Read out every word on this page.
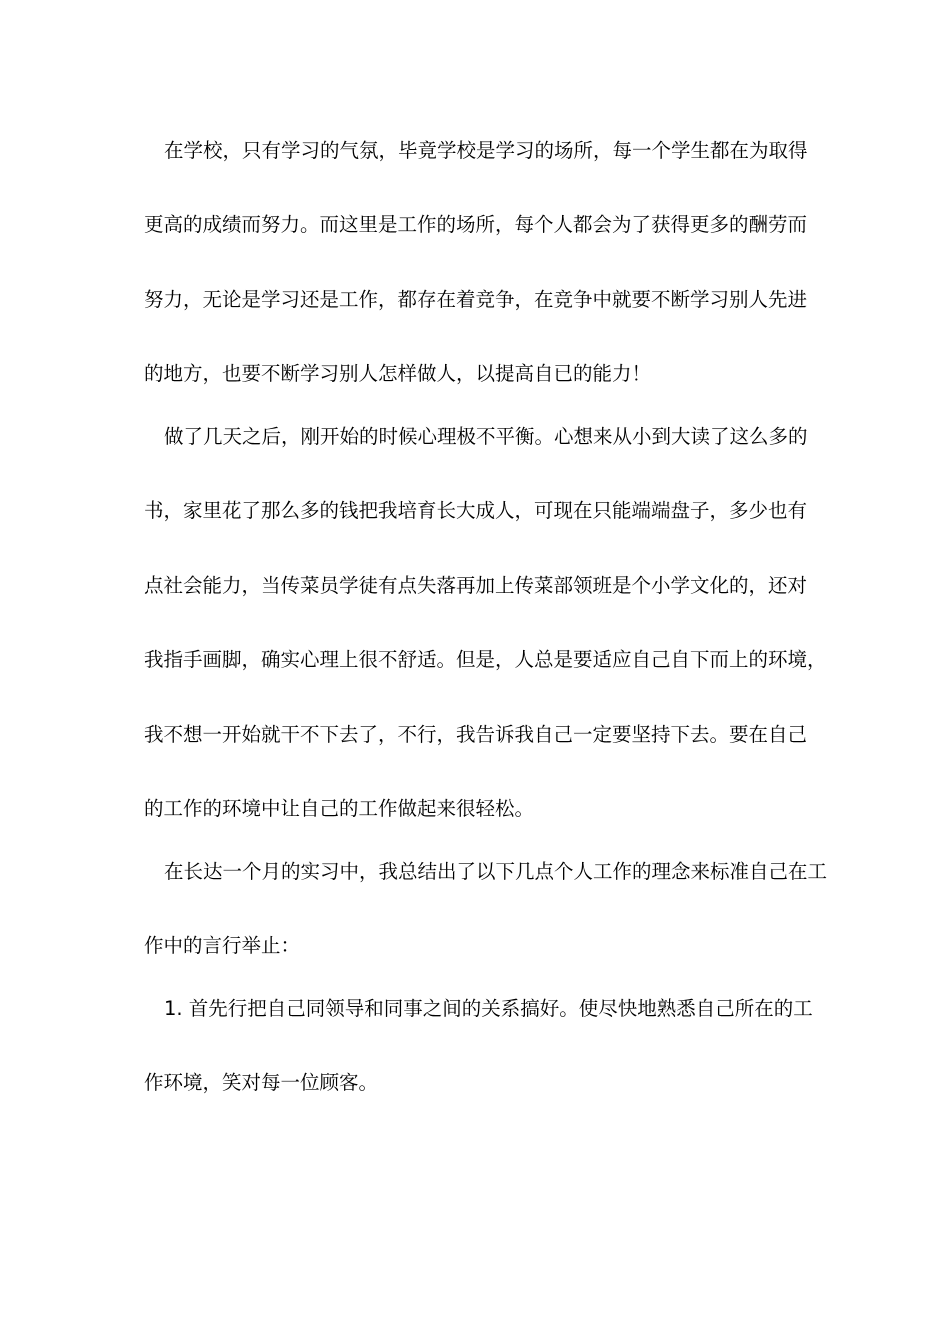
在学校，只有学习的气氛，毕竟学校是学习的场所，每一个学生都在为取得
更高的成绩而努力。而这里是工作的场所，每个人都会为了获得更多的酬劳而
努力，无论是学习还是工作，都存在着竞争，在竞争中就要不断学习别人先进
的地方，也要不断学习别人怎样做人，以提高自已的能力！
做了几天之后，刚开始的时候心理极不平衡。心想来从小到大读了这么多的
书，家里花了那么多的钱把我培育长大成人，可现在只能端端盘子，多少也有
点社会能力，当传菜员学徒有点失落再加上传菜部领班是个小学文化的，还对
我指手画脚，确实心理上很不舒适。但是，人总是要适应自己自下而上的环境，
我不想一开始就干不下去了，不行，我告诉我自己一定要坚持下去。要在自己
的工作的环境中让自己的工作做起来很轻松。
在长达一个月的实习中，我总结出了以下几点个人工作的理念来标准自己在工
作中的言行举止：
1. 首先行把自己同领导和同事之间的关系搞好。使尽快地熟悉自己所在的工
作环境，笑对每一位顾客。
